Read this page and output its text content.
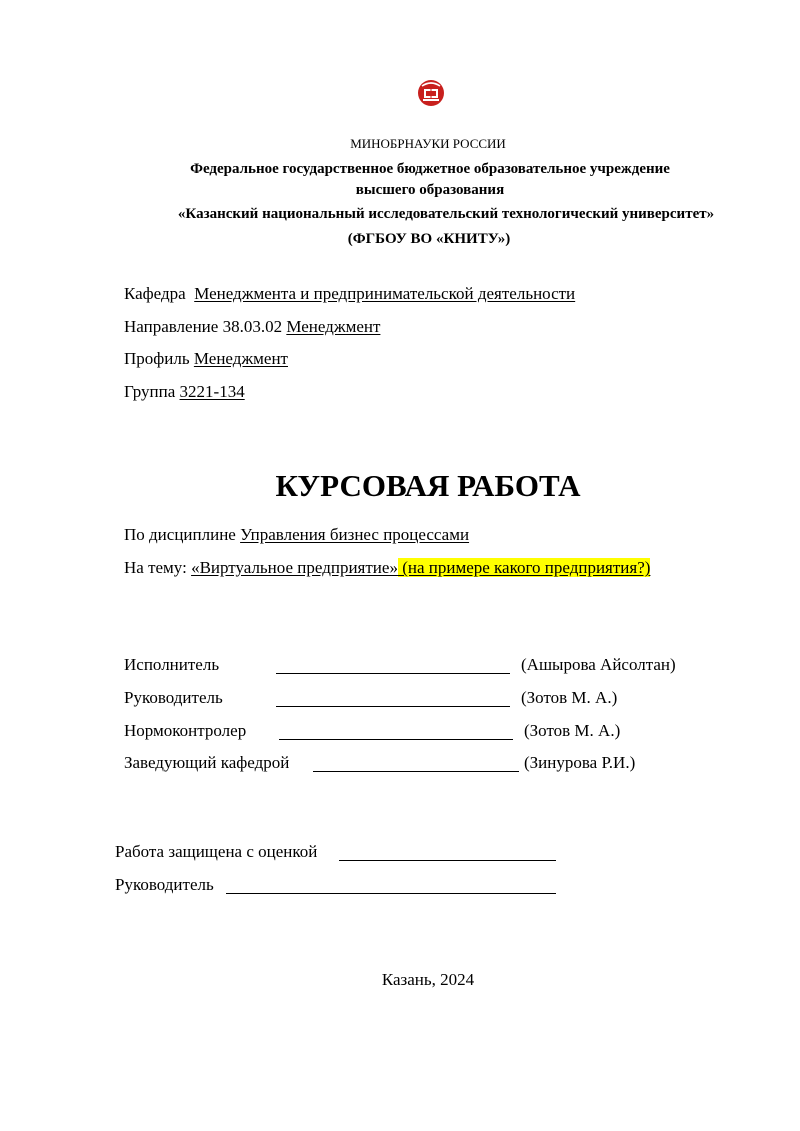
МИНОБРНАУКИ РОССИИ
Федеральное государственное бюджетное образовательное учреждение
высшего образования
«Казанский национальный исследовательский технологический университет»
(ФГБОУ ВО «КНИТУ»)
Кафедра Менеджмента и предпринимательской деятельности
Направление 38.03.02 Менеджмент
Профиль Менеджмент
Группа 3221-134
КУРСОВАЯ РАБОТА
По дисциплине Управления бизнес процессами
На тему: «Виртуальное предприятие» (на примере какого предприятия?)
Исполнитель	(Ашырова Айсолтан)
Руководитель	(Зотов М. А.)
Нормоконтролер	(Зотов М. А.)
Заведующий кафедрой	(Зинурова Р.И.)
Работа защищена с оценкой
Руководитель
Казань, 2024
